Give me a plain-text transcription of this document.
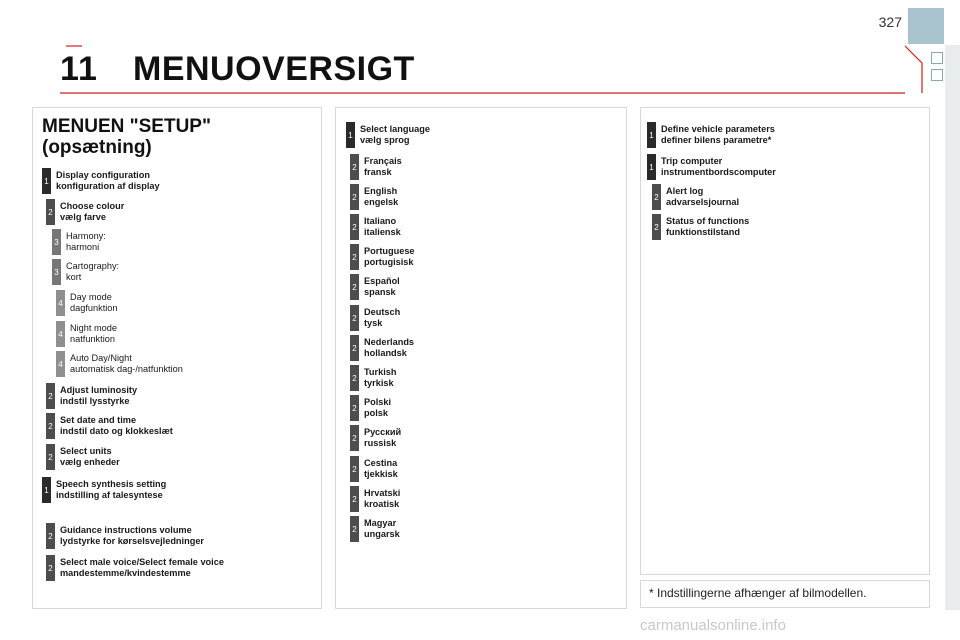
327
11 MENUOVERSIGT
MENUEN "SETUP"
(opsætning)
1
Display configuration
konfiguration af display
2
Choose colour
vælg farve
3
Harmony:
harmoni
3
Cartography:
kort
4
Day mode
dagfunktion
4
Night mode
natfunktion
4
Auto Day/Night
automatisk dag-/natfunktion
2
Adjust luminosity
indstil lysstyrke
2
Set date and time
indstil dato og klokkeslæt
2
Select units
vælg enheder
1
Speech synthesis setting
indstilling af talesyntese
2
Guidance instructions volume
lydstyrke for kørselsvejledninger
2
Select male voice/Select female voice
mandestemme/kvindestemme
1
Select language
vælg sprog
2
Français
fransk
2
English
engelsk
2
Italiano
italiensk
2
Portuguese
portugisisk
2
Español
spansk
2
Deutsch
tysk
2
Nederlands
hollandsk
2
Turkish
tyrkisk
2
Polski
polsk
2
Русский
russisk
2
Cestina
tjekkisk
2
Hrvatski
kroatisk
2
Magyar
ungarsk
1
Define vehicle parameters
definer bilens parametre*
1
Trip computer
instrumentbordscomputer
2
Alert log
advarselsjournal
2
Status of functions
funktionstilstand
* Indstillingerne afhænger af bilmodellen.
carmanualsonline.info
